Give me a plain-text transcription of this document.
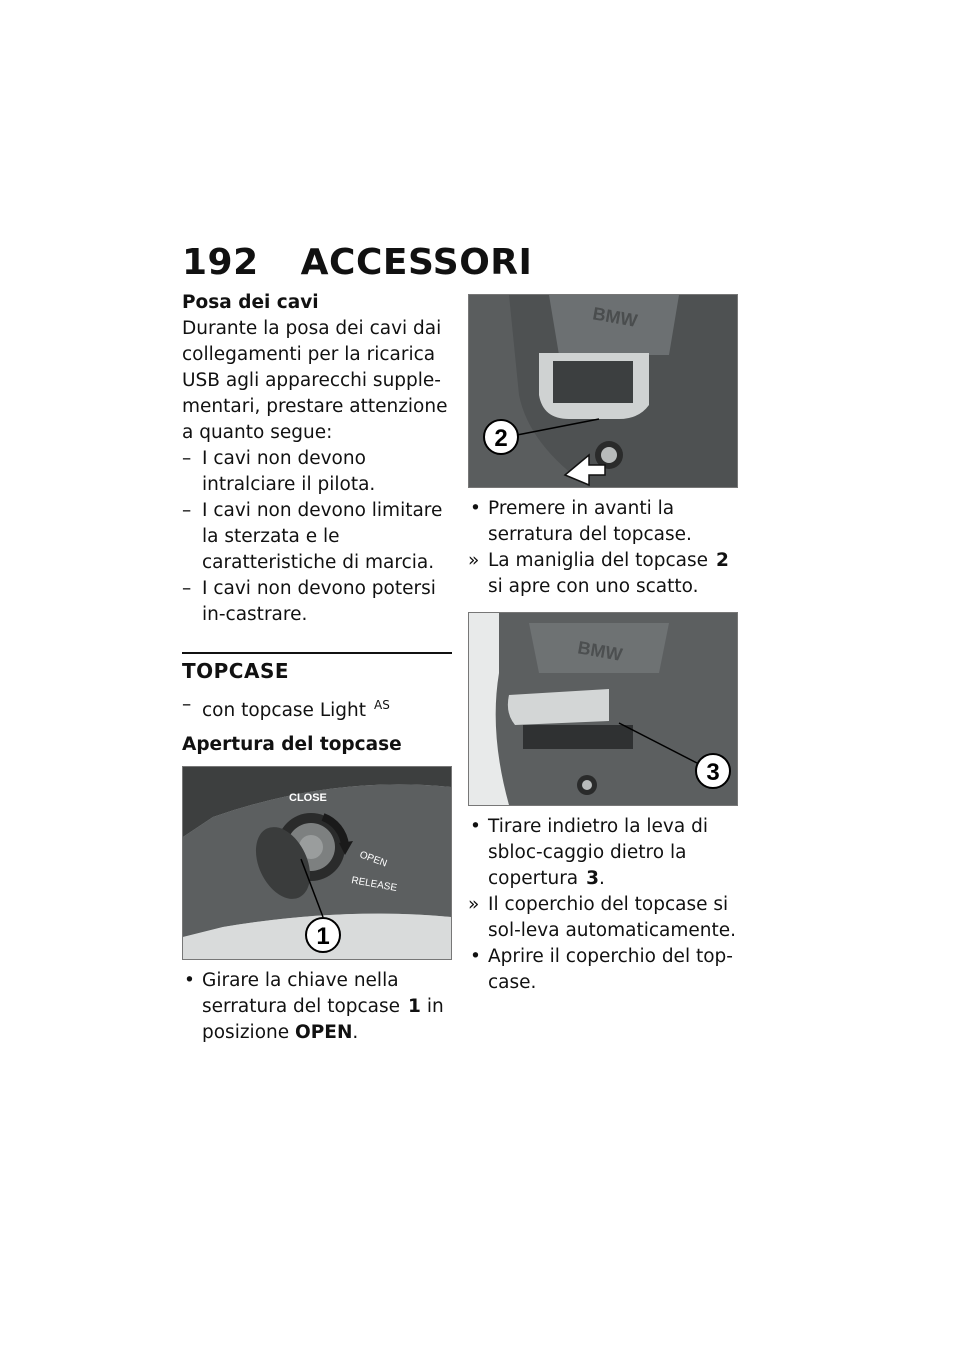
192 ACCESSORI

Posa dei cavi

Durante la posa dei cavi dai collegamenti per la ricarica USB agli apparecchi supple-mentari, prestare attenzione a quanto segue:

– I cavi non devono intralciare il pilota.

– I cavi non devono limitare la sterzata e le caratteristiche di marcia.

– I cavi non devono potersi in-castrare.

TOPCASE

– con topcase Light $^{AS}$

Apertura del topcase

CLOSE
OPEN
RELEASE
1

• Girare la chiave nella serratura del topcase 1 in posizione OPEN.

BMW
2

• Premere in avanti la serratura del topcase.

» La maniglia del topcase 2 si apre con uno scatto.

BMW
3

• Tirare indietro la leva di sbloc-caggio dietro la copertura 3.

» Il coperchio del topcase si sol-leva automaticamente.

• Aprire il coperchio del top-case.
